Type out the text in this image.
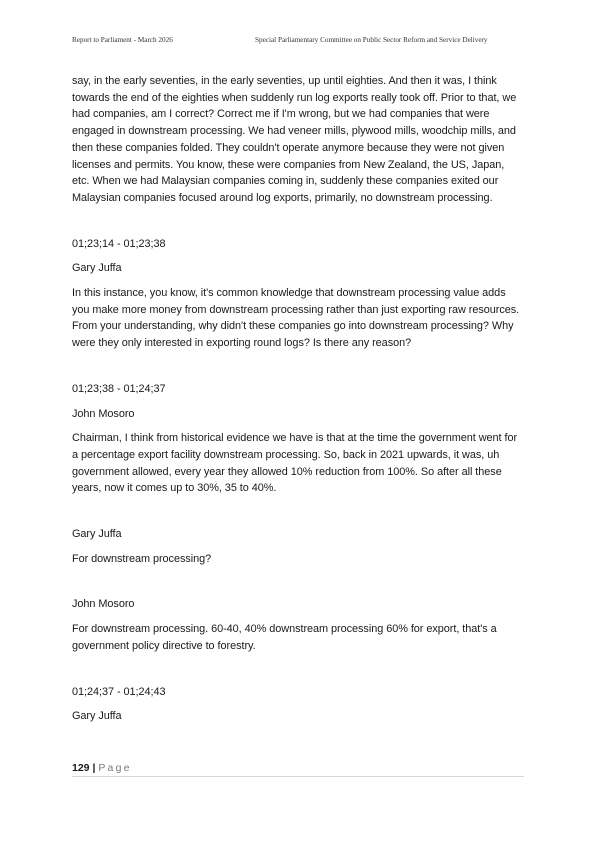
Report to Parliament - March 2026	Special Parliamentary Committee on Public Sector Reform and Service Delivery

say, in the early seventies, in the early seventies, up until eighties. And then it was, I think towards the end of the eighties when suddenly run log exports really took off. Prior to that, we had companies, am I correct? Correct me if I'm wrong, but we had companies that were engaged in downstream processing. We had veneer mills, plywood mills, woodchip mills, and then these companies folded. They couldn't operate anymore because they were not given licenses and permits. You know, these were companies from New Zealand, the US, Japan, etc. When we had Malaysian companies coming in, suddenly these companies exited our Malaysian companies focused around log exports, primarily, no downstream processing.

01;23;14 - 01;23;38

Gary Juffa

In this instance, you know, it's common knowledge that downstream processing value adds you make more money from downstream processing rather than just exporting raw resources. From your understanding, why didn't these companies go into downstream processing? Why were they only interested in exporting round logs? Is there any reason?

01;23;38 - 01;24;37

John Mosoro

Chairman, I think from historical evidence we have is that at the time the government went for a percentage export facility downstream processing. So, back in 2021 upwards, it was, uh government allowed, every year they allowed 10% reduction from 100%. So after all these years, now it comes up to 30%, 35 to 40%.

Gary Juffa

For downstream processing?

John Mosoro

For downstream processing. 60-40, 40% downstream processing 60% for export, that's a government policy directive to forestry.

01;24;37 - 01;24;43

Gary Juffa

129 | Page
